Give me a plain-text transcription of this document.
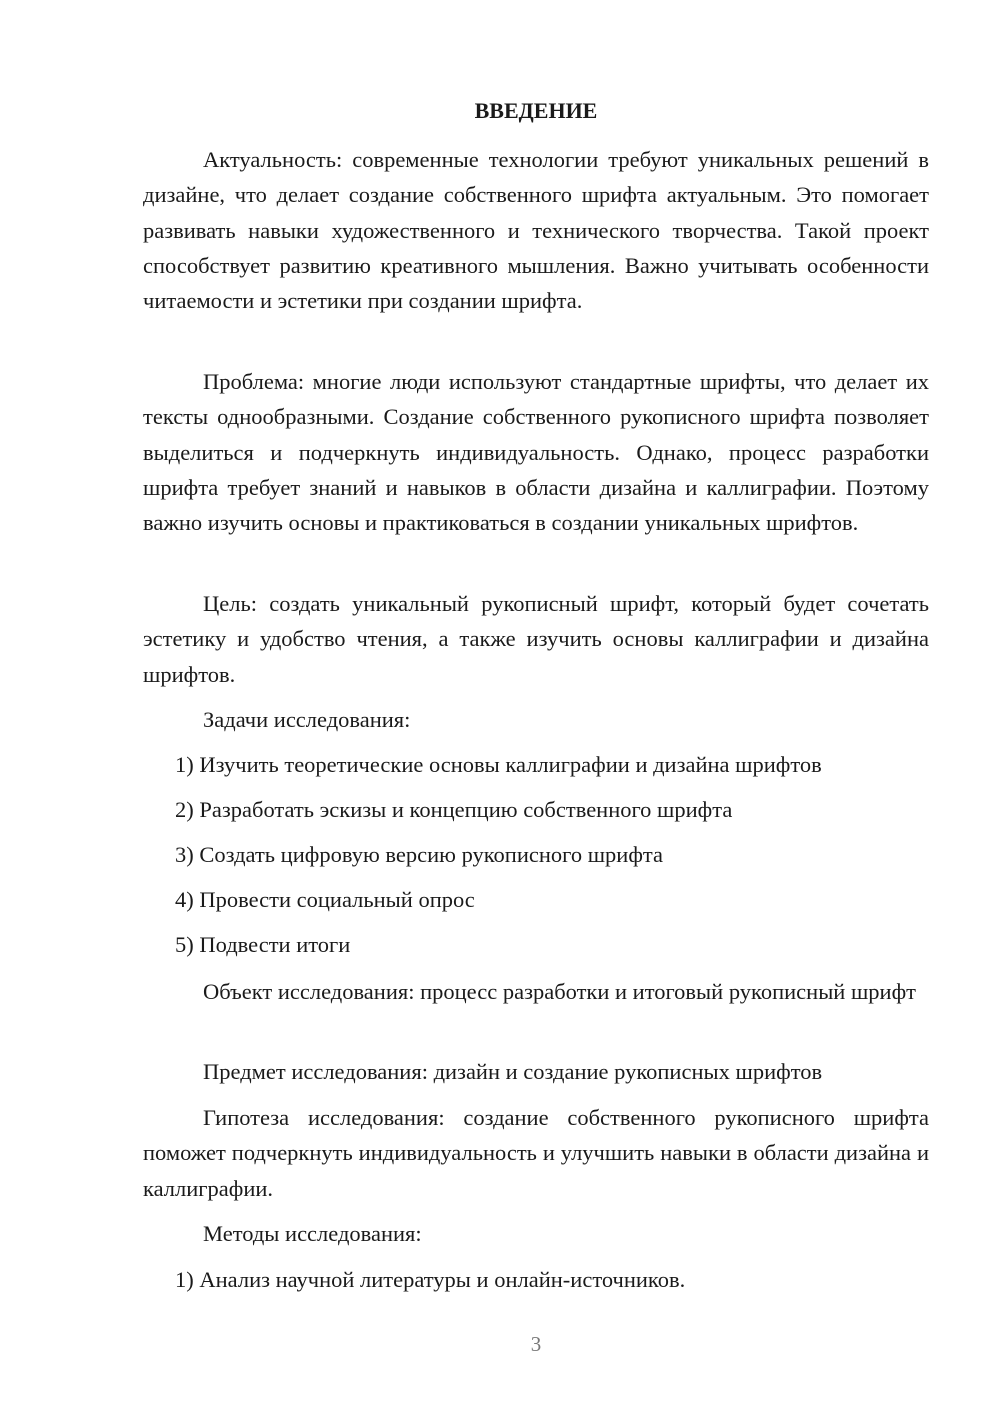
ВВЕДЕНИЕ

Актуальность: современные технологии требуют уникальных решений в дизайне, что делает создание собственного шрифта актуальным. Это помогает развивать навыки художественного и технического творчества. Такой проект способствует развитию креативного мышления. Важно учитывать особенности читаемости и эстетики при создании шрифта.

Проблема: многие люди используют стандартные шрифты, что делает их тексты однообразными. Создание собственного рукописного шрифта позволяет выделиться и подчеркнуть индивидуальность. Однако, процесс разработки шрифта требует знаний и навыков в области дизайна и каллиграфии. Поэтому важно изучить основы и практиковаться в создании уникальных шрифтов.

Цель: создать уникальный рукописный шрифт, который будет сочетать эстетику и удобство чтения, а также изучить основы каллиграфии и дизайна шрифтов.

Задачи исследования:

1) Изучить теоретические основы каллиграфии и дизайна шрифтов

2) Разработать эскизы и концепцию собственного шрифта

3) Создать цифровую версию рукописного шрифта

4) Провести социальный опрос

5) Подвести итоги

Объект исследования: процесс разработки и итоговый рукописный шрифт

Предмет исследования: дизайн и создание рукописных шрифтов

Гипотеза исследования: создание собственного рукописного шрифта поможет подчеркнуть индивидуальность и улучшить навыки в области дизайна и каллиграфии.

Методы исследования:

1) Анализ научной литературы и онлайн-источников.

3
